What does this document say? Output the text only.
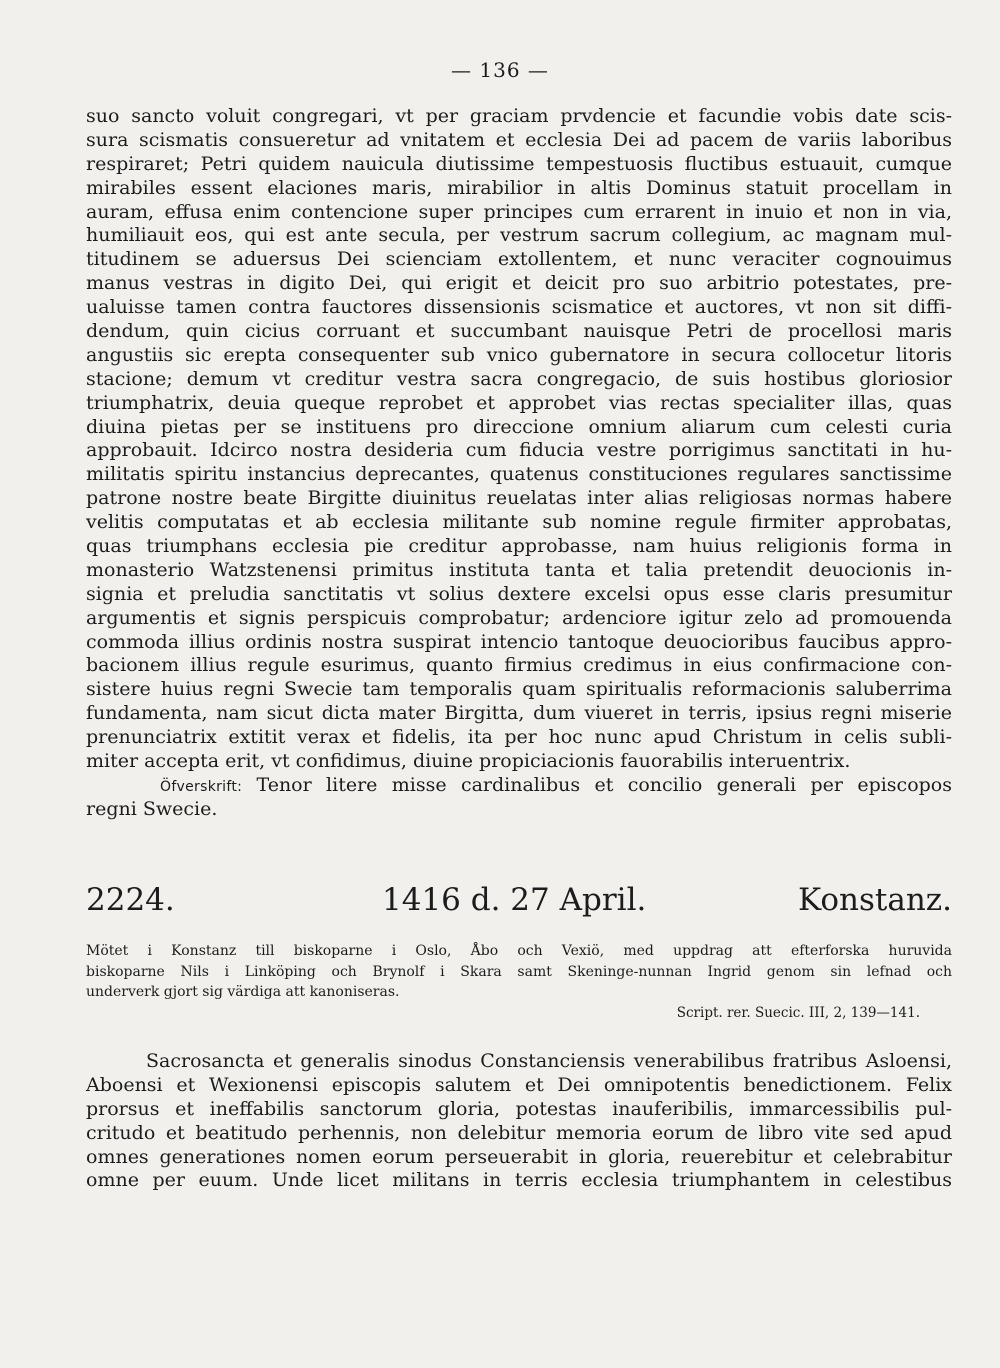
— 136 —
suo sancto voluit congregari, vt per graciam prvdencie et facundie vobis date scis-
sura scismatis consueretur ad vnitatem et ecclesia Dei ad pacem de variis laboribus
respiraret; Petri quidem nauicula diutissime tempestuosis fluctibus estuauit, cumque
mirabiles essent elaciones maris, mirabilior in altis Dominus statuit procellam in
auram, effusa enim contencione super principes cum errarent in inuio et non in via,
humiliauit eos, qui est ante secula, per vestrum sacrum collegium, ac magnam mul-
titudinem se aduersus Dei scienciam extollentem, et nunc veraciter cognouimus
manus vestras in digito Dei, qui erigit et deicit pro suo arbitrio potestates, pre-
ualuisse tamen contra fauctores dissensionis scismatice et auctores, vt non sit diffi-
dendum, quin cicius corruant et succumbant nauisque Petri de procellosi maris
angustiis sic erepta consequenter sub vnico gubernatore in secura collocetur litoris
stacione; demum vt creditur vestra sacra congregacio, de suis hostibus gloriosior
triumphatrix, deuia queque reprobet et approbet vias rectas specialiter illas, quas
diuina pietas per se instituens pro direccione omnium aliarum cum celesti curia
approbauit. Idcirco nostra desideria cum fiducia vestre porrigimus sanctitati in hu-
militatis spiritu instancius deprecantes, quatenus constituciones regulares sanctissime
patrone nostre beate Birgitte diuinitus reuelatas inter alias religiosas normas habere
velitis computatas et ab ecclesia militante sub nomine regule firmiter approbatas,
quas triumphans ecclesia pie creditur approbasse, nam huius religionis forma in
monasterio Watzstenensi primitus instituta tanta et talia pretendit deuocionis in-
signia et preludia sanctitatis vt solius dextere excelsi opus esse claris presumitur
argumentis et signis perspicuis comprobatur; ardenciore igitur zelo ad promouenda
commoda illius ordinis nostra suspirat intencio tantoque deuocioribus faucibus appro-
bacionem illius regule esurimus, quanto firmius credimus in eius confirmacione con-
sistere huius regni Swecie tam temporalis quam spiritualis reformacionis saluberrima
fundamenta, nam sicut dicta mater Birgitta, dum viueret in terris, ipsius regni miserie
prenunciatrix extitit verax et fidelis, ita per hoc nunc apud Christum in celis subli-
miter accepta erit, vt confidimus, diuine propiciacionis fauorabilis interuentrix.
Öfverskrift: Tenor litere misse cardinalibus et concilio generali per episcopos
regni Swecie.
2224.	1416 d. 27 April.	Konstanz.
Mötet i Konstanz till biskoparne i Oslo, Åbo och Vexiö, med uppdrag att efterforska huruvida
biskoparne Nils i Linköping och Brynolf i Skara samt Skeninge-nunnan Ingrid genom sin lefnad och
underverk gjort sig värdiga att kanoniseras.
Script. rer. Suecic. III, 2, 139—141.
Sacrosancta et generalis sinodus Constanciensis venerabilibus fratribus Asloensi,
Aboensi et Wexionensi episcopis salutem et Dei omnipotentis benedictionem. Felix
prorsus et ineffabilis sanctorum gloria, potestas inauferibilis, immarcessibilis pul-
critudo et beatitudo perhennis, non delebitur memoria eorum de libro vite sed apud
omnes generationes nomen eorum perseuerabit in gloria, reuerebitur et celebrabitur
omne per euum. Unde licet militans in terris ecclesia triumphantem in celestibus
